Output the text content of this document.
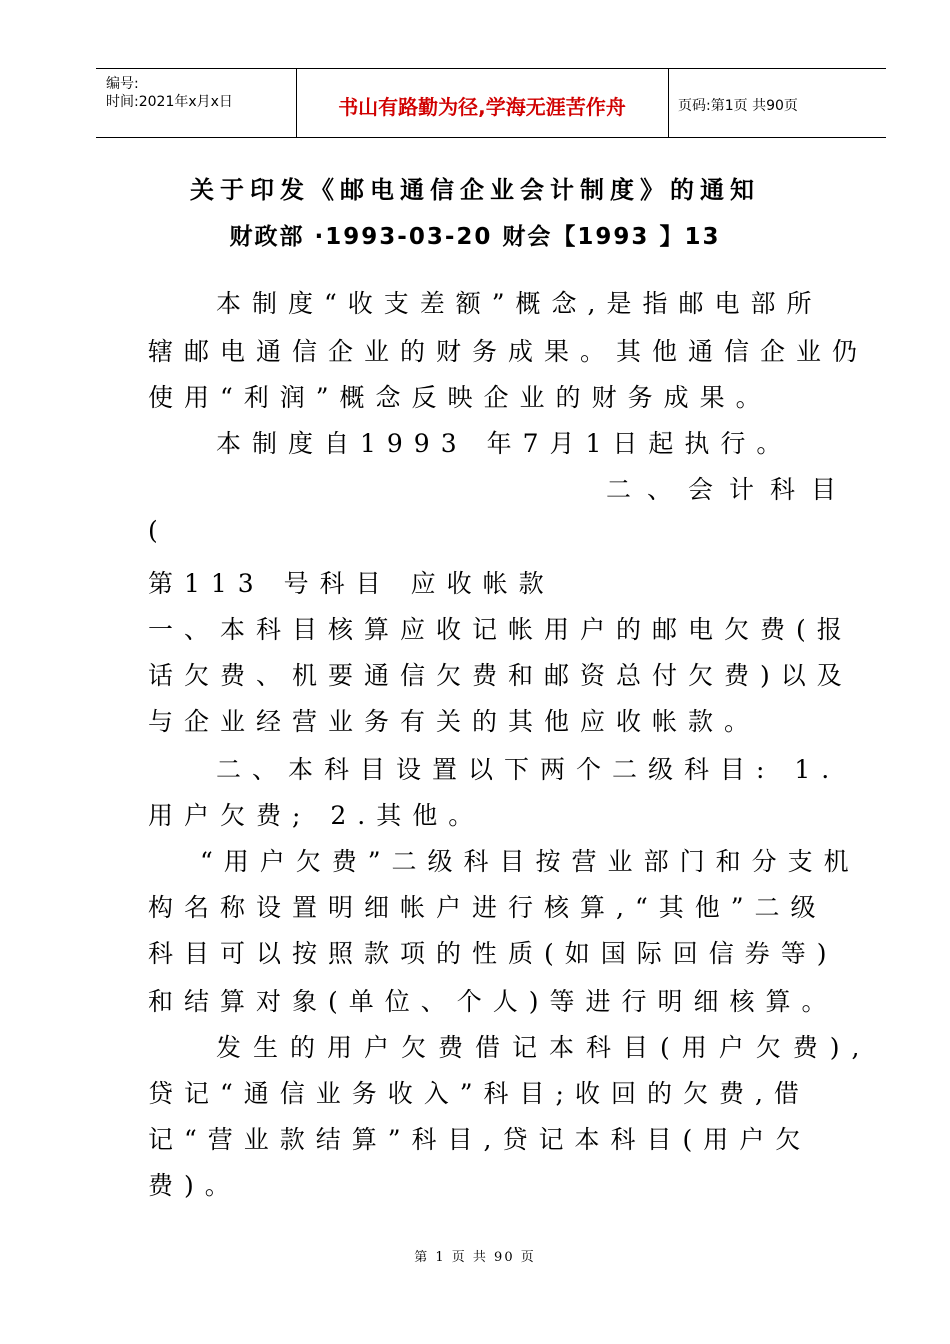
编号:
时间:2021年x月x日	书山有路勤为径,学海无涯苦作舟	页码:第1页 共90页
关于印发《邮电通信企业会计制度》的通知
财政部 ·1993-03-20 财会【1993 】13
本制度“收支差额”概念,是指邮电部所
辖邮电通信企业的财务成果。其他通信企业仍
使用“利润”概念反映企业的财务成果。
本制度自1993 年7月1日起执行。
二、会计科目
(
第113 号科目 应收帐款
一、本科目核算应收记帐用户的邮电欠费(报
话欠费、机要通信欠费和邮资总付欠费)以及
与企业经营业务有关的其他应收帐款。
二、本科目设置以下两个二级科目: 1.
用户欠费; 2.其他。
“用户欠费”二级科目按营业部门和分支机
构名称设置明细帐户进行核算,“其他”二级
科目可以按照款项的性质(如国际回信券等)
和结算对象(单位、个人)等进行明细核算。
发生的用户欠费借记本科目(用户欠费),
贷记“通信业务收入”科目;收回的欠费,借
记“营业款结算”科目,贷记本科目(用户欠
费)。
第 1 页 共 90 页
